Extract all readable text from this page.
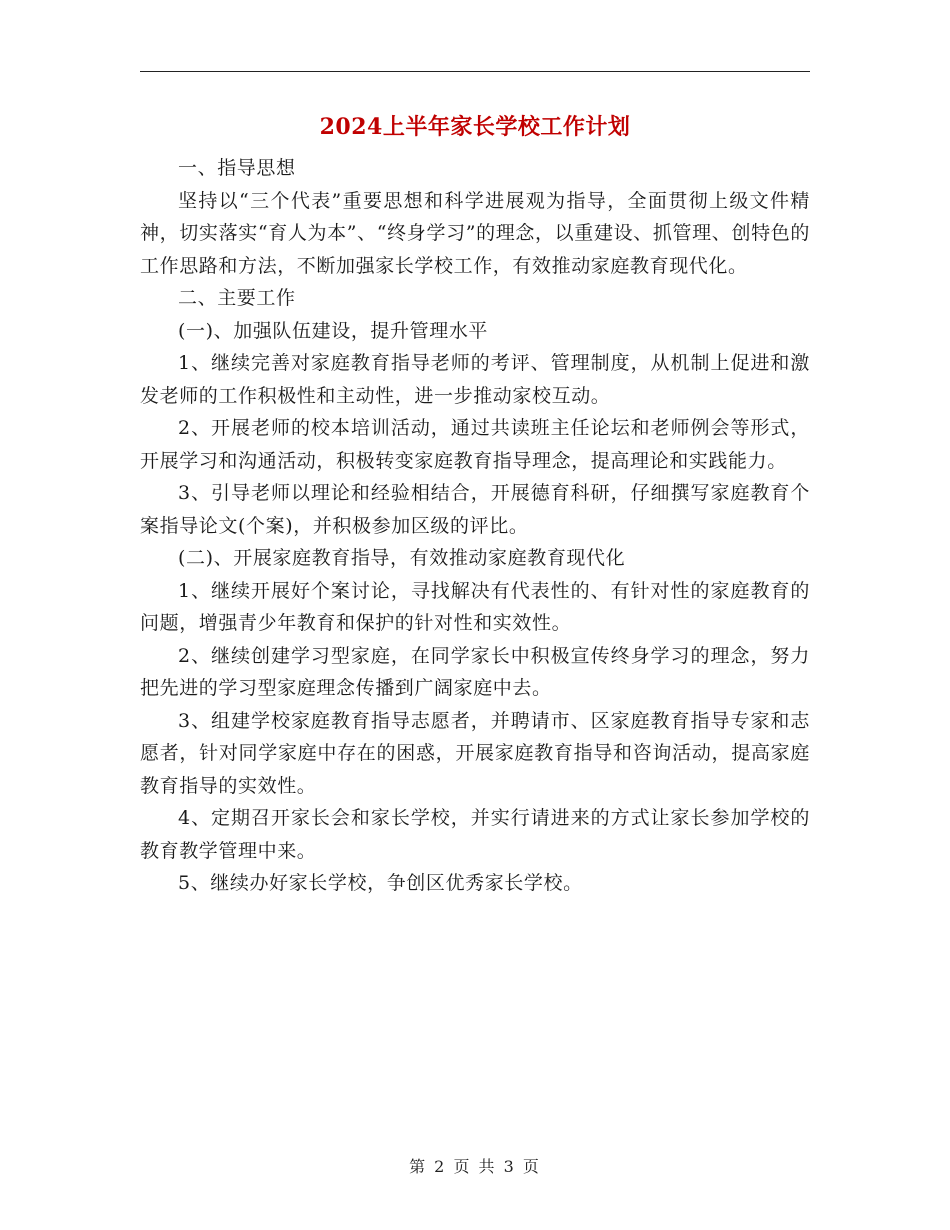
2024上半年家长学校工作计划

一、指导思想

坚持以“三个代表”重要思想和科学进展观为指导，全面贯彻上级文件精神，切实落实“育人为本”、“终身学习”的理念，以重建设、抓管理、创特色的工作思路和方法，不断加强家长学校工作，有效推动家庭教育现代化。

二、主要工作

(一)、加强队伍建设，提升管理水平

1、继续完善对家庭教育指导老师的考评、管理制度，从机制上促进和激发老师的工作积极性和主动性，进一步推动家校互动。

2、开展老师的校本培训活动，通过共读班主任论坛和老师例会等形式，开展学习和沟通活动，积极转变家庭教育指导理念，提高理论和实践能力。

3、引导老师以理论和经验相结合，开展德育科研，仔细撰写家庭教育个案指导论文(个案)，并积极参加区级的评比。

(二)、开展家庭教育指导，有效推动家庭教育现代化

1、继续开展好个案讨论，寻找解决有代表性的、有针对性的家庭教育的问题，增强青少年教育和保护的针对性和实效性。

2、继续创建学习型家庭，在同学家长中积极宣传终身学习的理念，努力把先进的学习型家庭理念传播到广阔家庭中去。

3、组建学校家庭教育指导志愿者，并聘请市、区家庭教育指导专家和志愿者，针对同学家庭中存在的困惑，开展家庭教育指导和咨询活动，提高家庭教育指导的实效性。

4、定期召开家长会和家长学校，并实行请进来的方式让家长参加学校的教育教学管理中来。

5、继续办好家长学校，争创区优秀家长学校。

第 2 页 共 3 页
